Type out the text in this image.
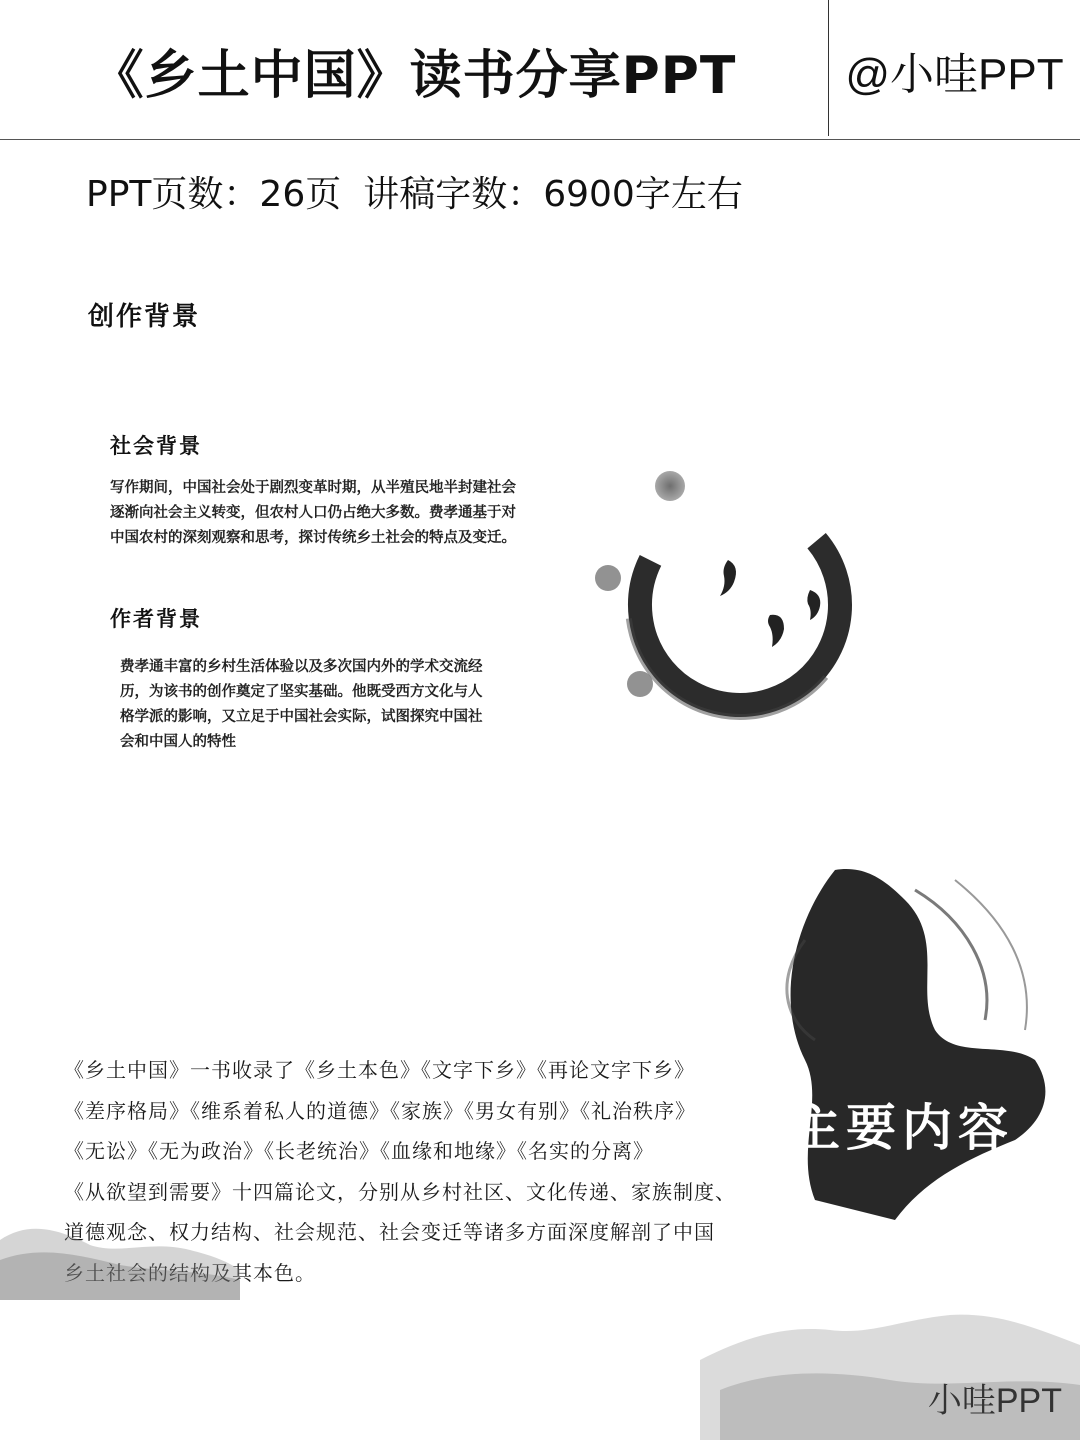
《乡土中国》读书分享PPT	@小哇PPT
PPT页数：26页 讲稿字数：6900字左右
创作背景
社会背景
写作期间，中国社会处于剧烈变革时期，从半殖民地半封建社会
逐渐向社会主义转变，但农村人口仍占绝大多数。费孝通基于对
中国农村的深刻观察和思考，探讨传统乡土社会的特点及变迁。
作者背景
费孝通丰富的乡村生活体验以及多次国内外的学术交流经
历，为该书的创作奠定了坚实基础。他既受西方文化与人
格学派的影响，又立足于中国社会实际，试图探究中国社
会和中国人的特性
《乡土中国》一书收录了《乡土本色》《文字下乡》《再论文字下乡》
《差序格局》《维系着私人的道德》《家族》《男女有别》《礼治秩序》
《无讼》《无为政治》《长老统治》《血缘和地缘》《名实的分离》
《从欲望到需要》十四篇论文，分别从乡村社区、文化传递、家族制度、
道德观念、权力结构、社会规范、社会变迁等诸多方面深度解剖了中国
乡土社会的结构及其本色。
主要内容
小哇PPT
